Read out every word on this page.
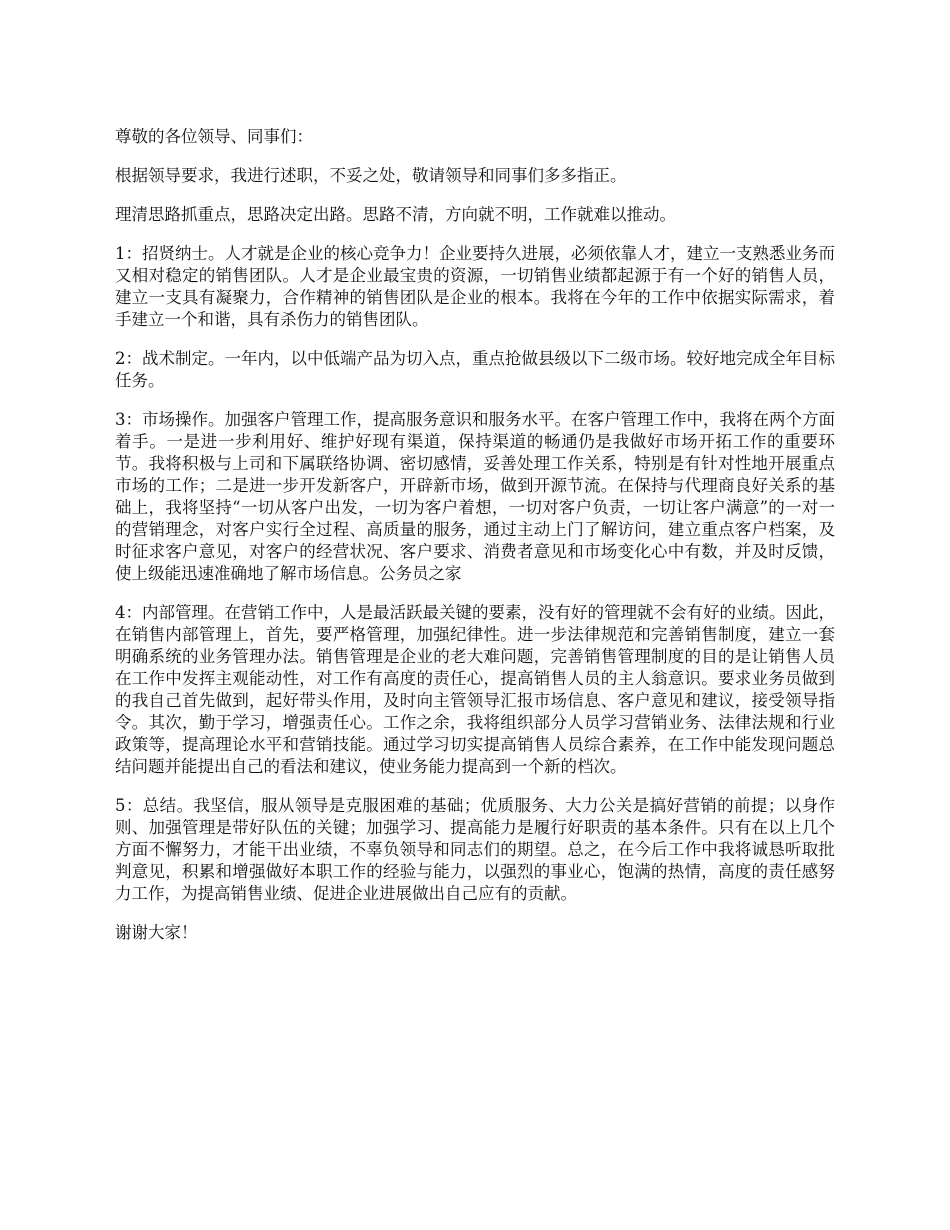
尊敬的各位领导、同事们：

根据领导要求，我进行述职，不妥之处，敬请领导和同事们多多指正。

理清思路抓重点，思路决定出路。思路不清，方向就不明，工作就难以推动。

1：招贤纳士。人才就是企业的核心竞争力！企业要持久进展，必须依靠人才，建立一支熟悉业务而又相对稳定的销售团队。人才是企业最宝贵的资源，一切销售业绩都起源于有一个好的销售人员，建立一支具有凝聚力，合作精神的销售团队是企业的根本。我将在今年的工作中依据实际需求，着手建立一个和谐，具有杀伤力的销售团队。

2：战术制定。一年内，以中低端产品为切入点，重点抢做县级以下二级市场。较好地完成全年目标任务。

3：市场操作。加强客户管理工作，提高服务意识和服务水平。在客户管理工作中，我将在两个方面着手。一是进一步利用好、维护好现有渠道，保持渠道的畅通仍是我做好市场开拓工作的重要环节。我将积极与上司和下属联络协调、密切感情，妥善处理工作关系，特别是有针对性地开展重点市场的工作；二是进一步开发新客户，开辟新市场，做到开源节流。在保持与代理商良好关系的基础上，我将坚持“一切从客户出发，一切为客户着想，一切对客户负责，一切让客户满意”的一对一的营销理念，对客户实行全过程、高质量的服务，通过主动上门了解访问，建立重点客户档案，及时征求客户意见，对客户的经营状况、客户要求、消费者意见和市场变化心中有数，并及时反馈，使上级能迅速准确地了解市场信息。公务员之家

4：内部管理。在营销工作中，人是最活跃最关键的要素，没有好的管理就不会有好的业绩。因此，在销售内部管理上，首先，要严格管理，加强纪律性。进一步法律规范和完善销售制度，建立一套明确系统的业务管理办法。销售管理是企业的老大难问题，完善销售管理制度的目的是让销售人员在工作中发挥主观能动性，对工作有高度的责任心，提高销售人员的主人翁意识。要求业务员做到的我自己首先做到，起好带头作用，及时向主管领导汇报市场信息、客户意见和建议，接受领导指令。其次，勤于学习，增强责任心。工作之余，我将组织部分人员学习营销业务、法律法规和行业政策等，提高理论水平和营销技能。通过学习切实提高销售人员综合素养，在工作中能发现问题总结问题并能提出自己的看法和建议，使业务能力提高到一个新的档次。

5：总结。我坚信，服从领导是克服困难的基础；优质服务、大力公关是搞好营销的前提；以身作则、加强管理是带好队伍的关键；加强学习、提高能力是履行好职责的基本条件。只有在以上几个方面不懈努力，才能干出业绩，不辜负领导和同志们的期望。总之，在今后工作中我将诚恳听取批判意见，积累和增强做好本职工作的经验与能力，以强烈的事业心，饱满的热情，高度的责任感努力工作，为提高销售业绩、促进企业进展做出自己应有的贡献。

谢谢大家！
